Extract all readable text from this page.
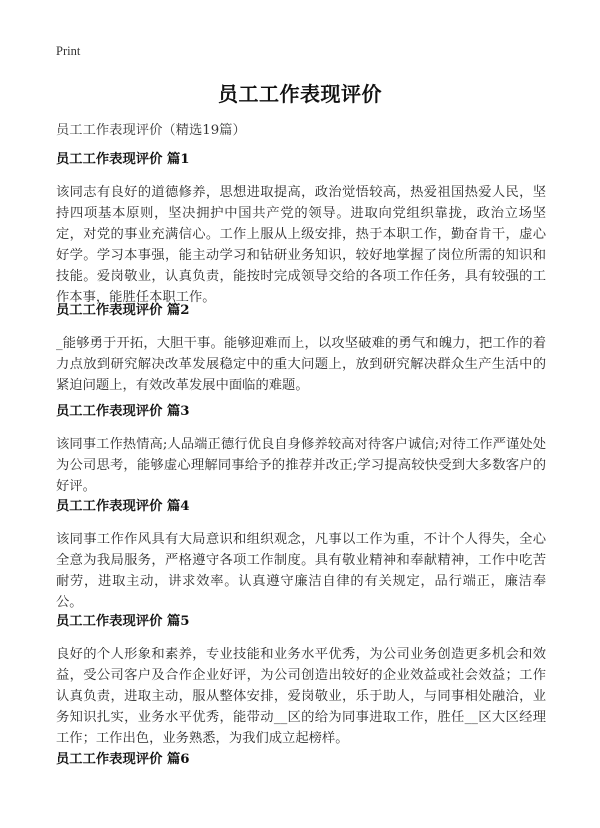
Print
员工工作表现评价
员工工作表现评价（精选19篇）
员工工作表现评价 篇1

该同志有良好的道德修养，思想进取提高，政治觉悟较高，热爱祖国热爱人民，坚持四项基本原则，坚决拥护中国共产党的领导。进取向党组织靠拢，政治立场坚定，对党的事业充满信心。工作上服从上级安排，热于本职工作，勤奋肯干，虚心好学。学习本事强，能主动学习和钻研业务知识，较好地掌握了岗位所需的知识和技能。爱岗敬业，认真负责，能按时完成领导交给的各项工作任务，具有较强的工作本事，能胜任本职工作。

员工工作表现评价 篇2

_能够勇于开拓，大胆干事。能够迎难而上，以攻坚破难的勇气和魄力，把工作的着力点放到研究解决改革发展稳定中的重大问题上，放到研究解决群众生产生活中的紧迫问题上，有效改革发展中面临的难题。

员工工作表现评价 篇3

该同事工作热情高;人品端正德行优良自身修养较高对待客户诚信;对待工作严谨处处为公司思考，能够虚心理解同事给予的推荐并改正;学习提高较快受到大多数客户的好评。

员工工作表现评价 篇4

该同事工作作风具有大局意识和组织观念，凡事以工作为重，不计个人得失，全心全意为我局服务，严格遵守各项工作制度。具有敬业精神和奉献精神，工作中吃苦耐劳，进取主动，讲求效率。认真遵守廉洁自律的有关规定，品行端正，廉洁奉公。

员工工作表现评价 篇5

良好的个人形象和素养，专业技能和业务水平优秀，为公司业务创造更多机会和效益，受公司客户及合作企业好评，为公司创造出较好的企业效益或社会效益；工作认真负责，进取主动，服从整体安排，爱岗敬业，乐于助人，与同事相处融洽，业务知识扎实，业务水平优秀，能带动__区的给为同事进取工作，胜任__区大区经理工作；工作出色，业务熟悉，为我们成立起榜样。

员工工作表现评价 篇6
